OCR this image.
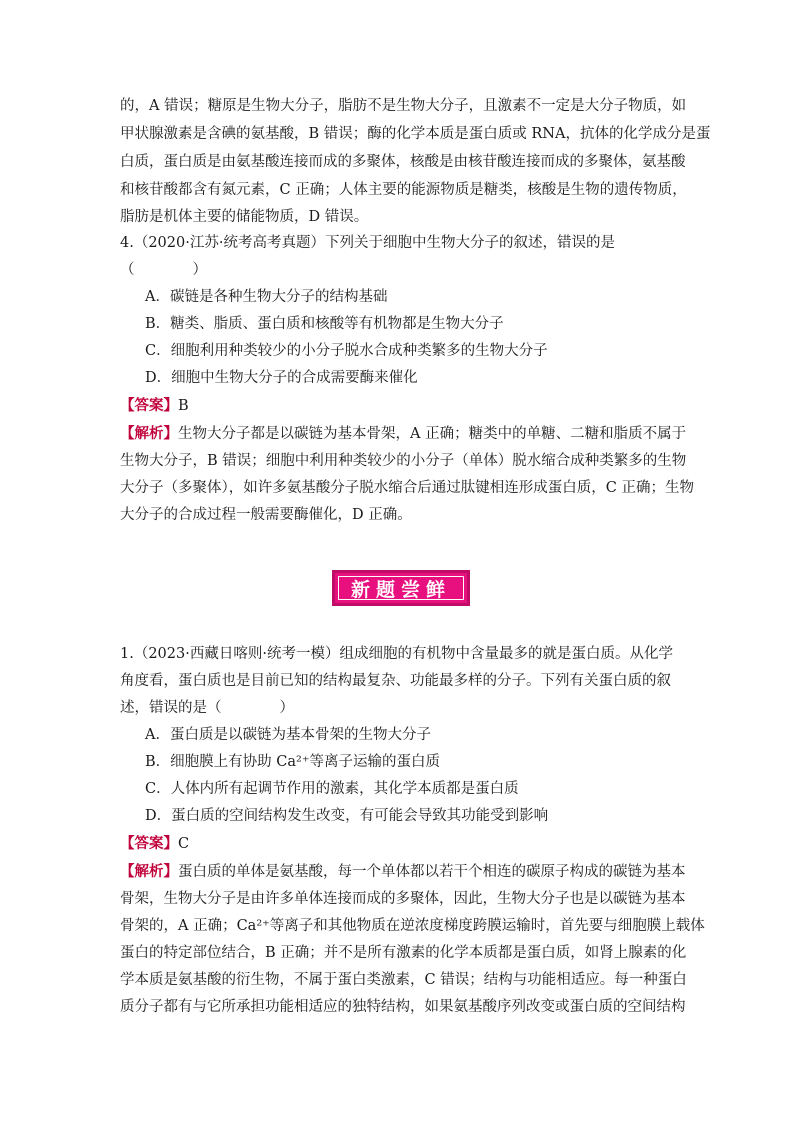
的，A 错误；糖原是生物大分子，脂肪不是生物大分子，且激素不一定是大分子物质，如
甲状腺激素是含碘的氨基酸，B 错误；酶的化学本质是蛋白质或 RNA，抗体的化学成分是蛋
白质，蛋白质是由氨基酸连接而成的多聚体，核酸是由核苷酸连接而成的多聚体，氨基酸
和核苷酸都含有氮元素，C 正确；人体主要的能源物质是糖类，核酸是生物的遗传物质，
脂肪是机体主要的储能物质，D 错误。
4.（2020·江苏·统考高考真题）下列关于细胞中生物大分子的叙述，错误的是
（　　　　）
A．碳链是各种生物大分子的结构基础
B．糖类、脂质、蛋白质和核酸等有机物都是生物大分子
C．细胞利用种类较少的小分子脱水合成种类繁多的生物大分子
D．细胞中生物大分子的合成需要酶来催化
【答案】B
【解析】生物大分子都是以碳链为基本骨架，A 正确；糖类中的单糖、二糖和脂质不属于
生物大分子，B 错误；细胞中利用种类较少的小分子（单体）脱水缩合成种类繁多的生物
大分子（多聚体），如许多氨基酸分子脱水缩合后通过肽键相连形成蛋白质，C 正确；生物
大分子的合成过程一般需要酶催化，D 正确。
新题尝鲜
1.（2023·西藏日喀则·统考一模）组成细胞的有机物中含量最多的就是蛋白质。从化学
角度看，蛋白质也是目前已知的结构最复杂、功能最多样的分子。下列有关蛋白质的叙
述，错误的是（　　　　）
A．蛋白质是以碳链为基本骨架的生物大分子
B．细胞膜上有协助 Ca²⁺等离子运输的蛋白质
C．人体内所有起调节作用的激素，其化学本质都是蛋白质
D．蛋白质的空间结构发生改变，有可能会导致其功能受到影响
【答案】C
【解析】蛋白质的单体是氨基酸，每一个单体都以若干个相连的碳原子构成的碳链为基本
骨架，生物大分子是由许多单体连接而成的多聚体，因此，生物大分子也是以碳链为基本
骨架的，A 正确；Ca²⁺等离子和其他物质在逆浓度梯度跨膜运输时，首先要与细胞膜上载体
蛋白的特定部位结合，B 正确；并不是所有激素的化学本质都是蛋白质，如肾上腺素的化
学本质是氨基酸的衍生物，不属于蛋白类激素，C 错误；结构与功能相适应。每一种蛋白
质分子都有与它所承担功能相适应的独特结构，如果氨基酸序列改变或蛋白质的空间结构
